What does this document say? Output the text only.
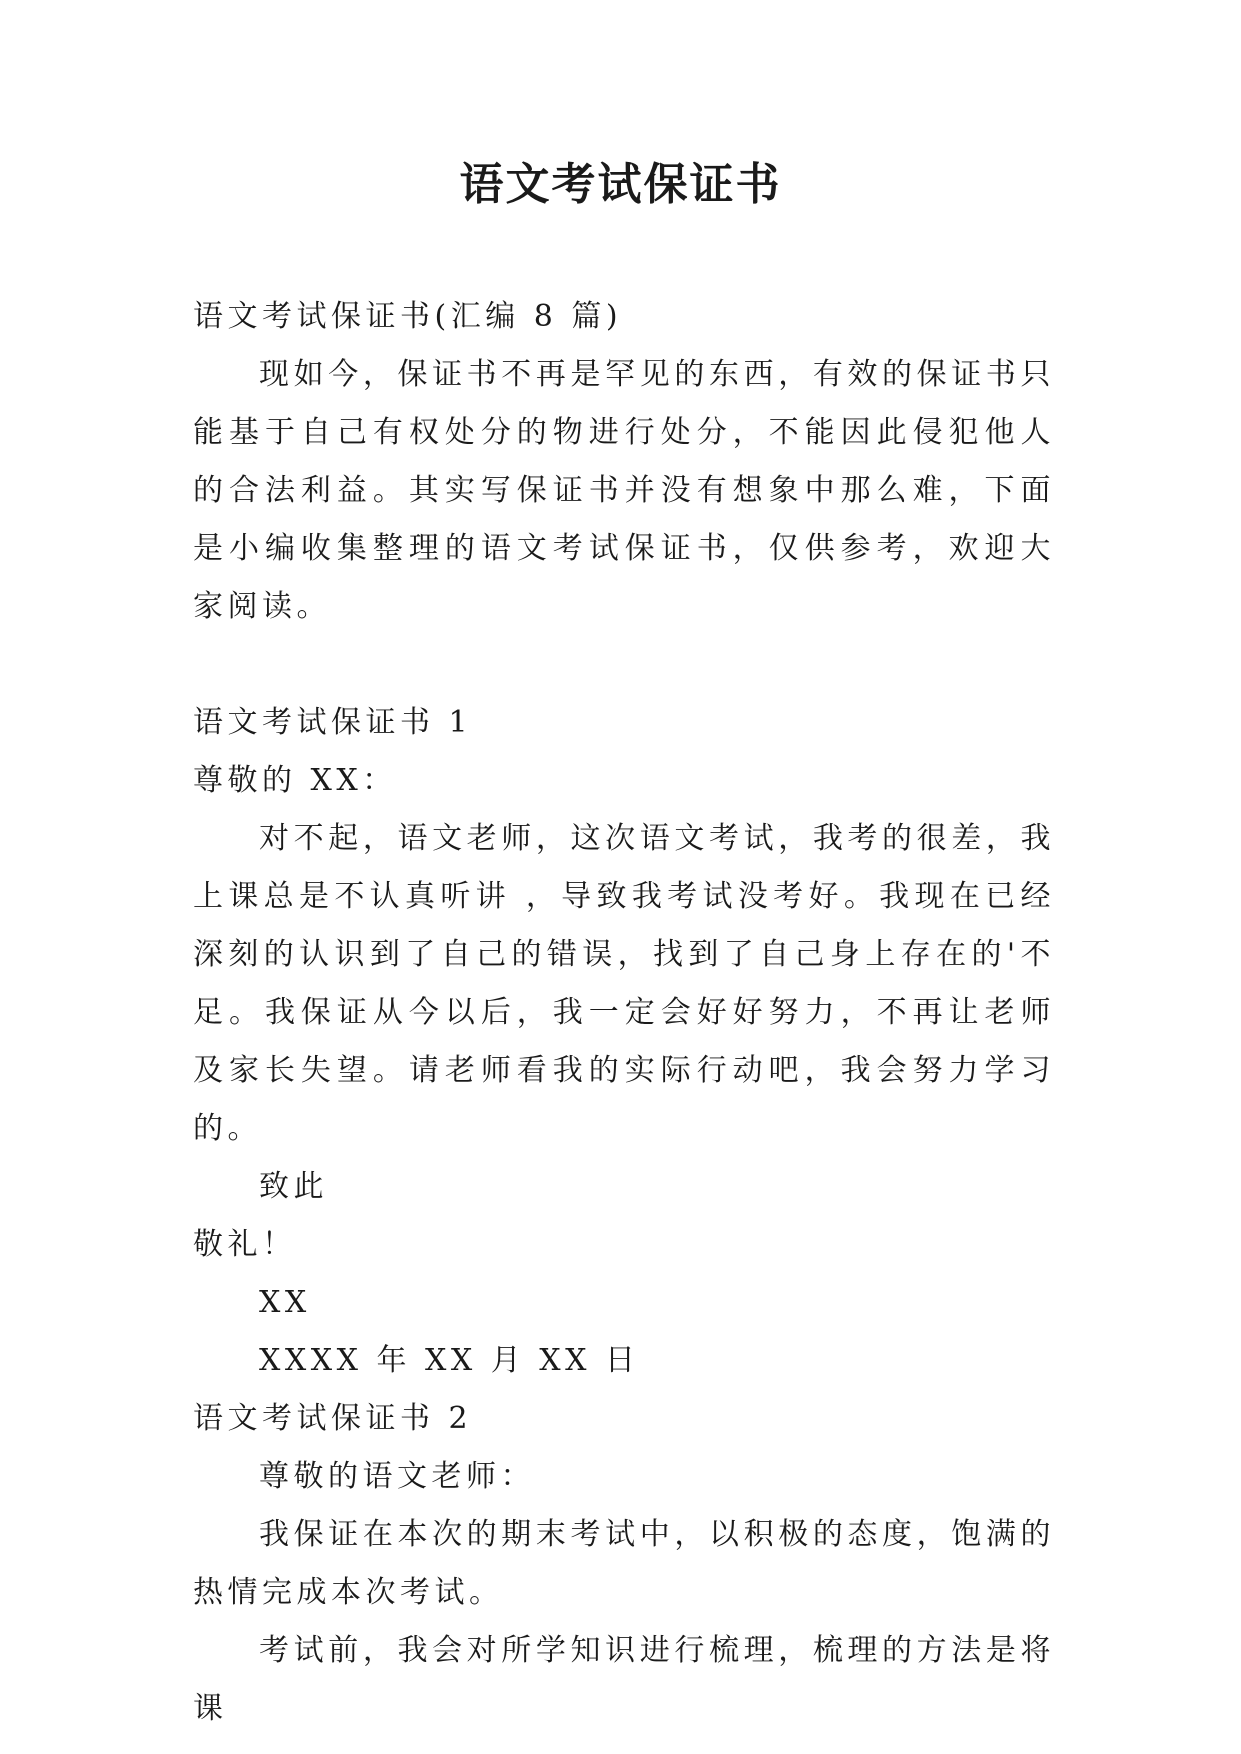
语文考试保证书

语文考试保证书(汇编 8 篇)

现如今，保证书不再是罕见的东西，有效的保证书只能基于自己有权处分的物进行处分，不能因此侵犯他人的合法利益。其实写保证书并没有想象中那么难，下面是小编收集整理的语文考试保证书，仅供参考，欢迎大家阅读。

语文考试保证书 1

尊敬的 XX：

对不起，语文老师，这次语文考试，我考的很差，我上课总是不认真听讲 ，导致我考试没考好。我现在已经深刻的认识到了自己的错误，找到了自己身上存在的'不足。我保证从今以后，我一定会好好努力，不再让老师及家长失望。请老师看我的实际行动吧，我会努力学习的。

致此

敬礼！

XX

XXXX 年 XX 月 XX 日

语文考试保证书 2

尊敬的语文老师：

我保证在本次的期末考试中，以积极的态度，饱满的热情完成本次考试。

考试前，我会对所学知识进行梳理，梳理的方法是将课
